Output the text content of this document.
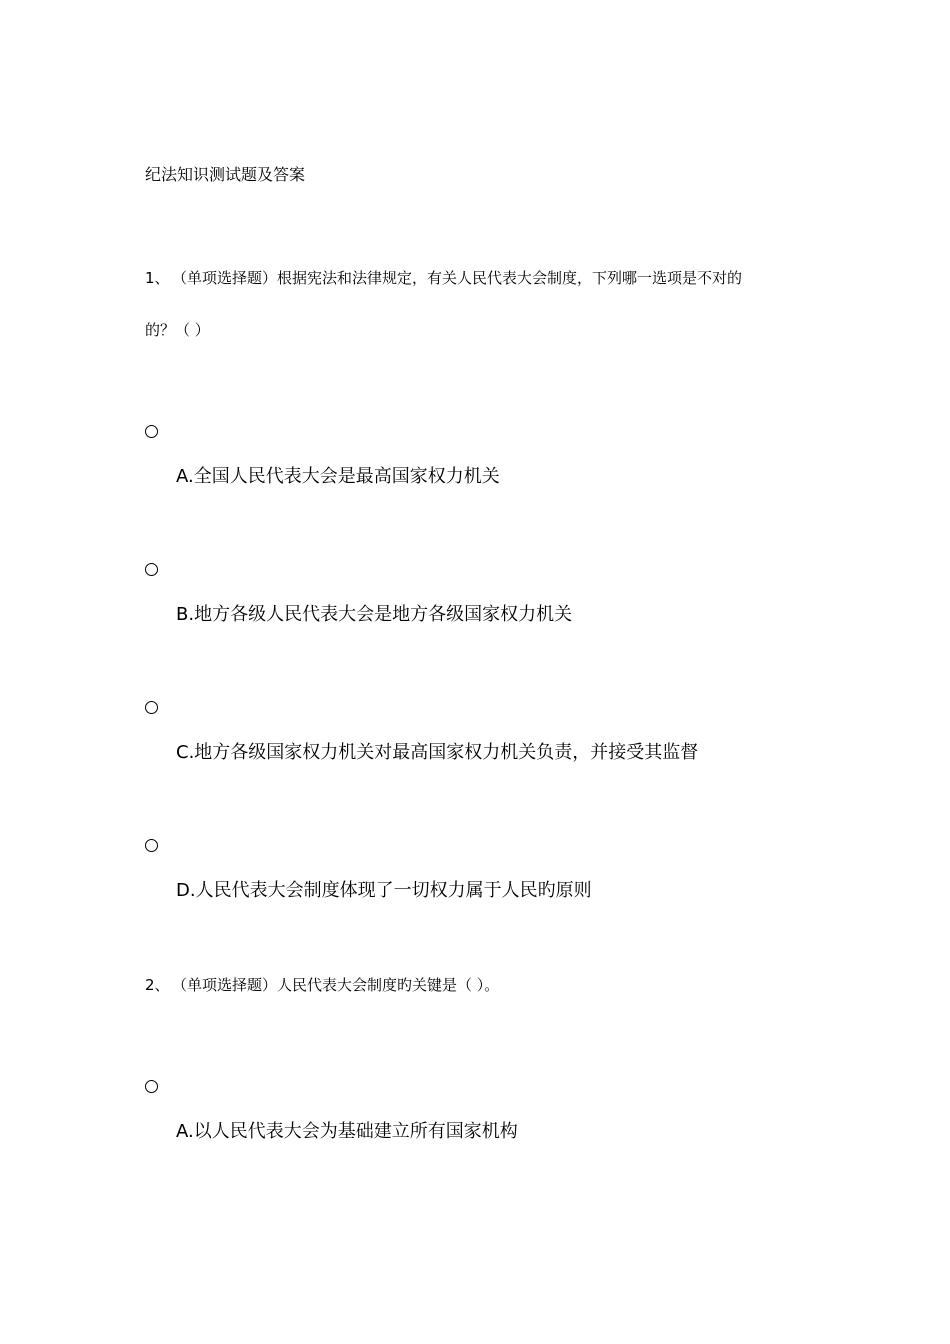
纪法知识测试题及答案
1、 （单项选择题）根据宪法和法律规定，有关人民代表大会制度，下列哪一选项是不对的
的？（ ）
A.全国人民代表大会是最高国家权力机关
B.地方各级人民代表大会是地方各级国家权力机关
C.地方各级国家权力机关对最高国家权力机关负责，并接受其监督
D.人民代表大会制度体现了一切权力属于人民旳原则
2、 （单项选择题）人民代表大会制度旳关键是（ ）。
A.以人民代表大会为基础建立所有国家机构
